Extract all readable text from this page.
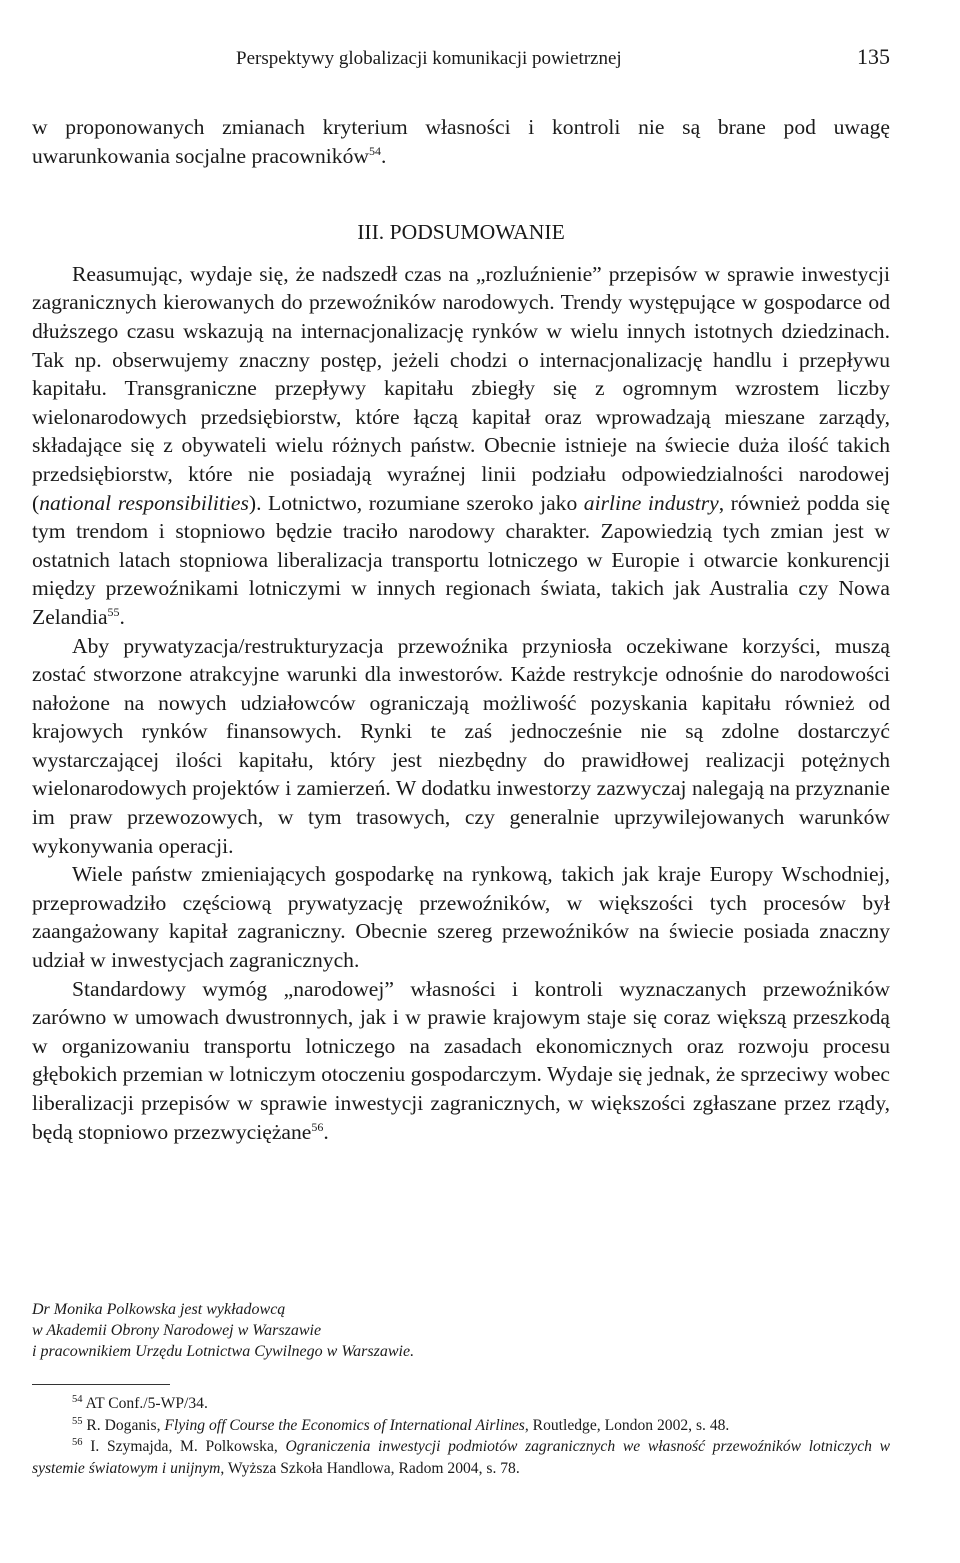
Perspektywy globalizacji komunikacji powietrznej	135

w proponowanych zmianach kryterium własności i kontroli nie są brane pod uwagę uwarunkowania socjalne pracowników$^{54}$.

III. PODSUMOWANIE

Reasumując, wydaje się, że nadszedł czas na „rozluźnienie” przepisów w sprawie inwestycji zagranicznych kierowanych do przewoźników narodowych. Trendy występujące w gospodarce od dłuższego czasu wskazują na internacjonalizację rynków w wielu innych istotnych dziedzinach. Tak np. obserwujemy znaczny postęp, jeżeli chodzi o internacjonalizację handlu i przepływu kapitału. Transgraniczne przepływy kapitału zbiegły się z ogromnym wzrostem liczby wielonarodowych przedsiębiorstw, które łączą kapitał oraz wprowadzają mieszane zarządy, składające się z obywateli wielu różnych państw. Obecnie istnieje na świecie duża ilość takich przedsiębiorstw, które nie posiadają wyraźnej linii podziału odpowiedzialności narodowej (national responsibilities). Lotnictwo, rozumiane szeroko jako airline industry, również podda się tym trendom i stopniowo będzie traciło narodowy charakter. Zapowiedzią tych zmian jest w ostatnich latach stopniowa liberalizacja transportu lotniczego w Europie i otwarcie konkurencji między przewoźnikami lotniczymi w innych regionach świata, takich jak Australia czy Nowa Zelandia$^{55}$.

Aby prywatyzacja/restrukturyzacja przewoźnika przyniosła oczekiwane korzyści, muszą zostać stworzone atrakcyjne warunki dla inwestorów. Każde restrykcje odnośnie do narodowości nałożone na nowych udziałowców ograniczają możliwość pozyskania kapitału również od krajowych rynków finansowych. Rynki te zaś jednocześnie nie są zdolne dostarczyć wystarczającej ilości kapitału, który jest niezbędny do prawidłowej realizacji potężnych wielonarodowych projektów i zamierzeń. W dodatku inwestorzy zazwyczaj nalegają na przyznanie im praw przewozowych, w tym trasowych, czy generalnie uprzywilejowanych warunków wykonywania operacji.

Wiele państw zmieniających gospodarkę na rynkową, takich jak kraje Europy Wschodniej, przeprowadziło częściową prywatyzację przewoźników, w większości tych procesów był zaangażowany kapitał zagraniczny. Obecnie szereg przewoźników na świecie posiada znaczny udział w inwestycjach zagranicznych.

Standardowy wymóg „narodowej” własności i kontroli wyznaczanych przewoźników zarówno w umowach dwustronnych, jak i w prawie krajowym staje się coraz większą przeszkodą w organizowaniu transportu lotniczego na zasadach ekonomicznych oraz rozwoju procesu głębokich przemian w lotniczym otoczeniu gospodarczym. Wydaje się jednak, że sprzeciwy wobec liberalizacji przepisów w sprawie inwestycji zagranicznych, w większości zgłaszane przez rządy, będą stopniowo przezwyciężane$^{56}$.

Dr Monika Polkowska jest wykładowcą
w Akademii Obrony Narodowej w Warszawie
i pracownikiem Urzędu Lotnictwa Cywilnego w Warszawie.

$^{54}$ AT Conf./5-WP/34.

$^{55}$ R. Doganis, Flying off Course the Economics of International Airlines, Routledge, London 2002, s. 48.

$^{56}$ I. Szymajda, M. Polkowska, Ograniczenia inwestycji podmiotów zagranicznych we własność przewoźników lotniczych w systemie światowym i unijnym, Wyższa Szkoła Handlowa, Radom 2004, s. 78.
